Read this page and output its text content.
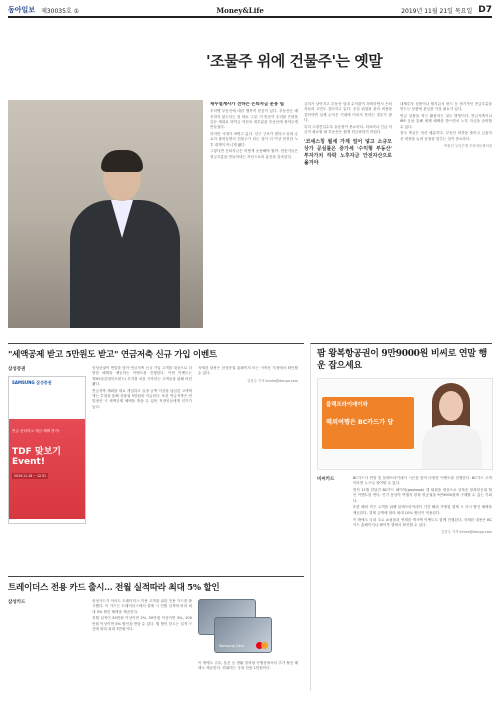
동아일보 제30035호 ①	Money&Life	2019년 11월 21일 목요일 D7
'조물주 위에 건물주'는 옛말
재무설계사가 전하는 은퇴자금 운용 팁

우리엔 부동산에 대한 맹목적 믿음이 있다. 부동산은 배신하지 않는다는 것 바로 그것. 이 믿음이 우리를 은퇴를 앞둔 세대로 하여금 자산의 대부분을 부동산에 묶어두게 만들었다.

하지만 시대가 바뀌고 있다. 인구 구조가 변하고 임대 수요가 줄어들면서 건물주가 되는 것이 더 이상 안전한 노후 대책이 아니게 됐다.

그렇다면 은퇴자금은 어떻게 운용해야 할까. 전문가들은 현금흐름을 만들어내는 자산으로의 분산을 강조한다.

금리가 낮아지고 부동산 임대 수익률이 하락하면서 은퇴자들의 고민도 깊어지고 있다. 공실 위험과 관리 비용을 감안하면 실제 수익은 기대에 미치지 못하는 경우가 많다.

특히 고령층일수록 유동성이 중요하다. 의료비나 긴급 자금이 필요할 때 부동산은 쉽게 현금화하기 어렵다.

'코세스칭 월세 가계 얼어 넣고 소규모 상가 공실률은 증가세 '수익형 부동산' 투자가치 하락 노후자금 안전자산으로 옮겨야

대체투자 상품이나 월지급식 펀드 등 정기적인 현금흐름을 만드는 상품에 관심을 가질 필요가 있다.

연금 상품을 적극 활용하는 것도 방법이다. 연금저축이나 IRP 등을 통해 세제 혜택을 받으면서 노후 자금을 준비할 수 있다.

결국 핵심은 자산 배분이다. 부동산 비중을 줄이고 금융자산 비중을 늘려 균형을 맞추는 것이 중요하다.

박용진 우리은행 투자자문센터장
"세액공제 받고 5만원도 받고" 연금저축 신규 가입 이벤트
삼성증권
SAMSUNG 삼성증권
연금 준비하고 세금 혜택 받기!
TDF 맞보기 Event!
2019.11.18 ~ 12.31

삼성증권이 연말을 맞아 연금저축 신규 가입 고객을 대상으로 다양한 혜택을 제공하는 이벤트를 진행한다. 이번 이벤트는 TDF(타깃데이트펀드) 투자를 처음 시작하는 고객들을 위해 마련됐다.

연금저축 계좌를 새로 개설하고 일정 금액 이상을 납입한 고객에게는 추첨을 통해 상품권 5만원을 지급한다. 또한 연금저축은 연말정산 시 세액공제 혜택을 받을 수 있어 직장인들에게 인기가 높다.

자세한 내용은 삼성증권 홈페이지 또는 가까운 지점에서 확인할 수 있다.

김현수 기자 kimhs@donga.com
트레이더스 전용 카드 출시… 전월 실적따라 최대 5% 할인
삼성카드	삼성카드가 이마트 트레이더스 이용 고객을 위한 전용 카드를 출시했다. 이 카드는 트레이더스에서 결제 시 전월 실적에 따라 최대 5% 할인 혜택을 제공한다.

전월 실적이 30만원 이상이면 2%, 50만원 이상이면 3%, 100만원 이상이면 5% 할인을 받을 수 있다. 월 할인 한도는 실적 구간에 따라 최대 3만원이다.

Samsung Card

이 밖에도 주유, 통신 등 생활 밀착형 가맹점에서의 추가 할인 혜택도 제공한다. 연회비는 국내 전용 1만원이다.

팜 왕복항공권이 9만9000원 비씨로 연말 행운 잡으세요
블랙프라이데이와
해외여행은 BC카드가 답
비씨카드	BC카드가 연말 및 블랙프라이데이 시즌을 맞아 다양한 이벤트를 진행한다. BC카드 고객이라면 누구나 참여할 수 있다.

먼저 11월 한달간 BC카드 페이북(paybook) 앱 회원을 대상으로 선착순 왕복항공권 할인 이벤트를 연다. 인기 동남아 여행지 왕복 항공권을 9만9000원에 구매할 수 있는 기회다.

또한 해외 직구 고객을 위해 블랙프라이데이 기간 해외 가맹점 결제 시 즉시 할인 혜택을 제공한다. 결제 금액에 따라 최대 10% 할인이 적용된다.

이 밖에도 국내 주요 쇼핑몰과 연계한 캐시백 이벤트도 함께 진행된다. 자세한 내용은 BC카드 홈페이지나 페이북 앱에서 확인할 수 있다.

김현수 기자 kimhs@donga.com
